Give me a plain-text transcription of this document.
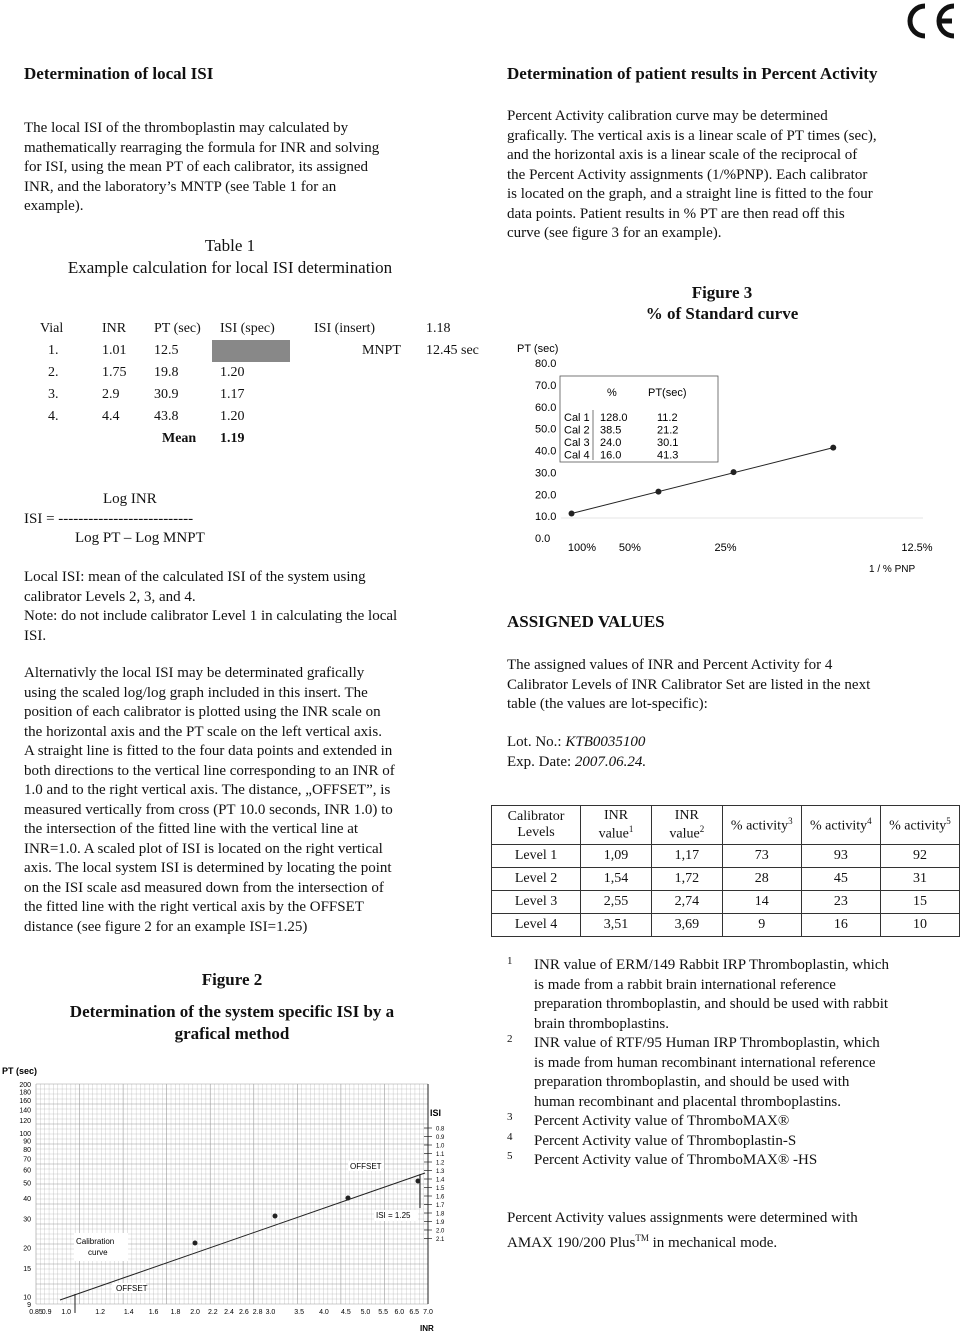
Determination of local ISI
The local ISI of the thromboplastin may calculated by
mathematically rearraging the formula for INR and solving
for ISI, using the mean PT of each calibrator, its assigned
INR, and the laboratory’s MNTP (see Table 1 for an
example).
Table 1
Example calculation for local ISI determination
Vial	INR	PT (sec)	ISI (spec)	ISI (insert)	1.18
1.	1.01	12.5		MNPT	12.45 sec
2.	1.75	19.8	1.20		
3.	2.9	30.9	1.17		
4.	4.4	43.8	1.20		
		Mean	1.19		
Log INR
ISI = ---------------------------
Log PT – Log MNPT
Local ISI: mean of the calculated ISI of the system using
calibrator Levels 2, 3, and 4.
Note: do not include calibrator Level 1 in calculating the local
ISI.
Alternativly the local ISI may be determinated grafically
using the scaled log/log graph included in this insert. The
position of each calibrator is plotted using the INR scale on
the horizontal axis and the PT scale on the left vertical axis.
A straight line is fitted to the four data points and extended in
both directions to the vertical line corresponding to an INR of
1.0 and to the right vertical axis. The distance, „OFFSET”, is
measured vertically from cross (PT 10.0 seconds, INR 1.0) to
the intersection of the fitted line with the vertical line at
INR=1.0. A scaled plot of ISI is located on the right vertical
axis. The local system ISI is determined by locating the point
on the ISI scale asd measured down from the intersection of
the fitted line with the right vertical axis by the OFFSET
distance (see figure 2 for an example ISI=1.25)
Figure 2
Determination of the system specific ISI by a
grafical method
PT (sec)
200
180
160
140
120
100
90
80
70
60
50
40
30
20
15
10
9
0.85
0.9 1.0	1.2	1.4 1.6 1.8 2.0 2.2 2.4 2.6 2.8 3.0	3.5 4.0 4.5 5.0 5.5 6.0 6.5 7.0
0.8
0.9
1.0
1.1
1.2
1.3
1.4
1.5
1.6
1.7
1.8
1.9
2.0
2.1
ISI
INR
OFFSET
OFFSET
ISI = 1.25
Calibration
curve
Determination of patient results in Percent Activity
Percent Activity calibration curve may be determined
grafically. The vertical axis is a linear scale of PT times (sec),
and the horizontal axis is a linear scale of the reciprocal of
the Percent Activity assignments (1/%PNP). Each calibrator
is located on the graph, and a straight line is fitted to the four
data points. Patient results in % PT are then read off this
curve (see figure 3 for an example).
Figure 3
% of Standard curve
PT (sec)
80.0
70.0
60.0
50.0
40.0
30.0
20.0
10.0
0.0
100% 50%	25%	12.5%
%	PT(sec)
Cal 1 128.0	11.2
Cal 2 38.5	21.2
Cal 3 24.0	30.1
Cal 4 16.0	41.3
1 / % PNP
ASSIGNED VALUES
The assigned values of INR and Percent Activity for 4
Calibrator Levels of INR Calibrator Set are listed in the next
table (the values are lot-specific):
Lot. No.: KTB0035100
Exp. Date: 2007.06.24.
Calibrator Levels	INR value$^1$	INR value$^2$	% activity$^3$	% activity$^4$	% activity$^5$
Level 1	1,09	1,17	73	93	92
Level 2	1,54	1,72	28	45	31
Level 3	2,55	2,74	14	23	15
Level 4	3,51	3,69	9	16	10
1 INR value of ERM/149 Rabbit IRP Thromboplastin, which
is made from a rabbit brain international reference
preparation thromboplastin, and should be used with rabbit
brain thromboplastins.
2 INR value of RTF/95 Human IRP Thromboplastin, which
is made from human recombinant international reference
preparation thromboplastin, and should be used with
human recombinant and placental thromboplastins.
3 Percent Activity value of ThromboMAX®
4 Percent Activity value of Thromboplastin-S
5 Percent Activity value of ThromboMAX® -HS
Percent Activity values assignments were determined with
AMAX 190/200 Plus™ in mechanical mode.
